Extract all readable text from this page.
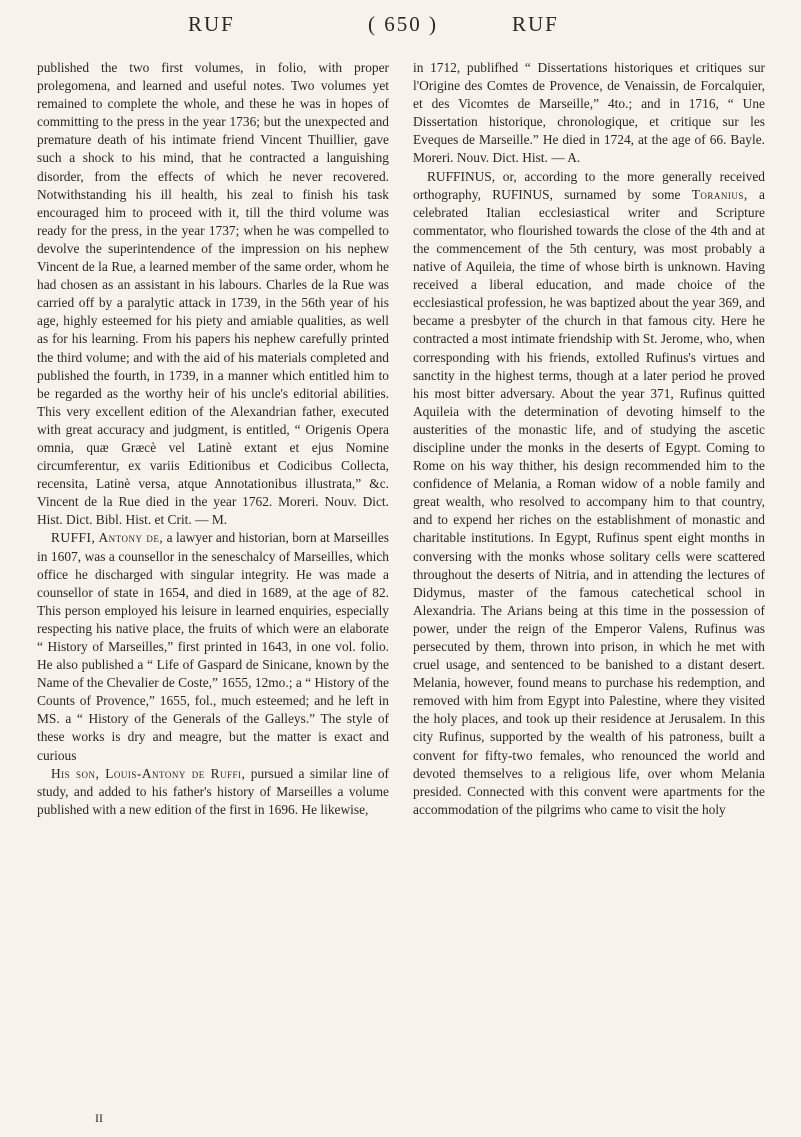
RUF	( 650 )	RUF

published the two first volumes, in folio, with proper prolegomena, and learned and useful notes. Two volumes yet remained to complete the whole, and these he was in hopes of committing to the press in the year 1736; but the unexpected and premature death of his intimate friend Vincent Thuillier, gave such a shock to his mind, that he contracted a languishing disorder, from the effects of which he never recovered. Notwithstanding his ill health, his zeal to finish his task encouraged him to proceed with it, till the third volume was ready for the press, in the year 1737; when he was compelled to devolve the superintendence of the impression on his nephew Vincent de la Rue, a learned member of the same order, whom he had chosen as an assistant in his labours. Charles de la Rue was carried off by a paralytic attack in 1739, in the 56th year of his age, highly esteemed for his piety and amiable qualities, as well as for his learning. From his papers his nephew carefully printed the third volume; and with the aid of his materials completed and published the fourth, in 1739, in a manner which entitled him to be regarded as the worthy heir of his uncle's editorial abilities. This very excellent edition of the Alexandrian father, executed with great accuracy and judgment, is entitled, “ Origenis Opera omnia, quæ Græcè vel Latinè extant et ejus Nomine circumferentur, ex variis Editionibus et Codicibus Collecta, recensita, Latinè versa, atque Annotationibus illustrata,” &c. Vincent de la Rue died in the year 1762. Moreri. Nouv. Dict. Hist. Dict. Bibl. Hist. et Crit. — M.

RUFFI, Antony de, a lawyer and historian, born at Marseilles in 1607, was a counsellor in the seneschalcy of Marseilles, which office he discharged with singular integrity. He was made a counsellor of state in 1654, and died in 1689, at the age of 82. This person employed his leisure in learned enquiries, especially respecting his native place, the fruits of which were an elaborate “ History of Marseilles,” first printed in 1643, in one vol. folio. He also published a “ Life of Gaspard de Sinicane, known by the Name of the Chevalier de Coste,” 1655, 12mo.; a “ History of the Counts of Provence,” 1655, fol., much esteemed; and he left in MS. a “ History of the Generals of the Galleys.” The style of these works is dry and meagre, but the matter is exact and curious

His son, Louis-Antony de Ruffi, pursued a similar line of study, and added to his father's history of Marseilles a volume published with a new edition of the first in 1696. He likewise,

in 1712, publifhed “ Dissertations historiques et critiques sur l'Origine des Comtes de Provence, de Venaissin, de Forcalquier, et des Vicomtes de Marseille,” 4to.; and in 1716, “ Une Dissertation historique, chronologique, et critique sur les Eveques de Marseille.” He died in 1724, at the age of 66. Bayle. Moreri. Nouv. Dict. Hist. — A.

RUFFINUS, or, according to the more generally received orthography, RUFINUS, surnamed by some Toranius, a celebrated Italian ecclesiastical writer and Scripture commentator, who flourished towards the close of the 4th and at the commencement of the 5th century, was most probably a native of Aquileia, the time of whose birth is unknown. Having received a liberal education, and made choice of the ecclesiastical profession, he was baptized about the year 369, and became a presbyter of the church in that famous city. Here he contracted a most intimate friendship with St. Jerome, who, when corresponding with his friends, extolled Rufinus's virtues and sanctity in the highest terms, though at a later period he proved his most bitter adversary. About the year 371, Rufinus quitted Aquileia with the determination of devoting himself to the austerities of the monastic life, and of studying the ascetic discipline under the monks in the deserts of Egypt. Coming to Rome on his way thither, his design recommended him to the confidence of Melania, a Roman widow of a noble family and great wealth, who resolved to accompany him to that country, and to expend her riches on the establishment of monastic and charitable institutions. In Egypt, Rufinus spent eight months in conversing with the monks whose solitary cells were scattered throughout the deserts of Nitria, and in attending the lectures of Didymus, master of the famous catechetical school in Alexandria. The Arians being at this time in the possession of power, under the reign of the Emperor Valens, Rufinus was persecuted by them, thrown into prison, in which he met with cruel usage, and sentenced to be banished to a distant desert. Melania, however, found means to purchase his redemption, and removed with him from Egypt into Palestine, where they visited the holy places, and took up their residence at Jerusalem. In this city Rufinus, supported by the wealth of his patroness, built a convent for fifty-two females, who renounced the world and devoted themselves to a religious life, over whom Melania presided. Connected with this convent were apartments for the accommodation of the pilgrims who came to visit the holy

II
